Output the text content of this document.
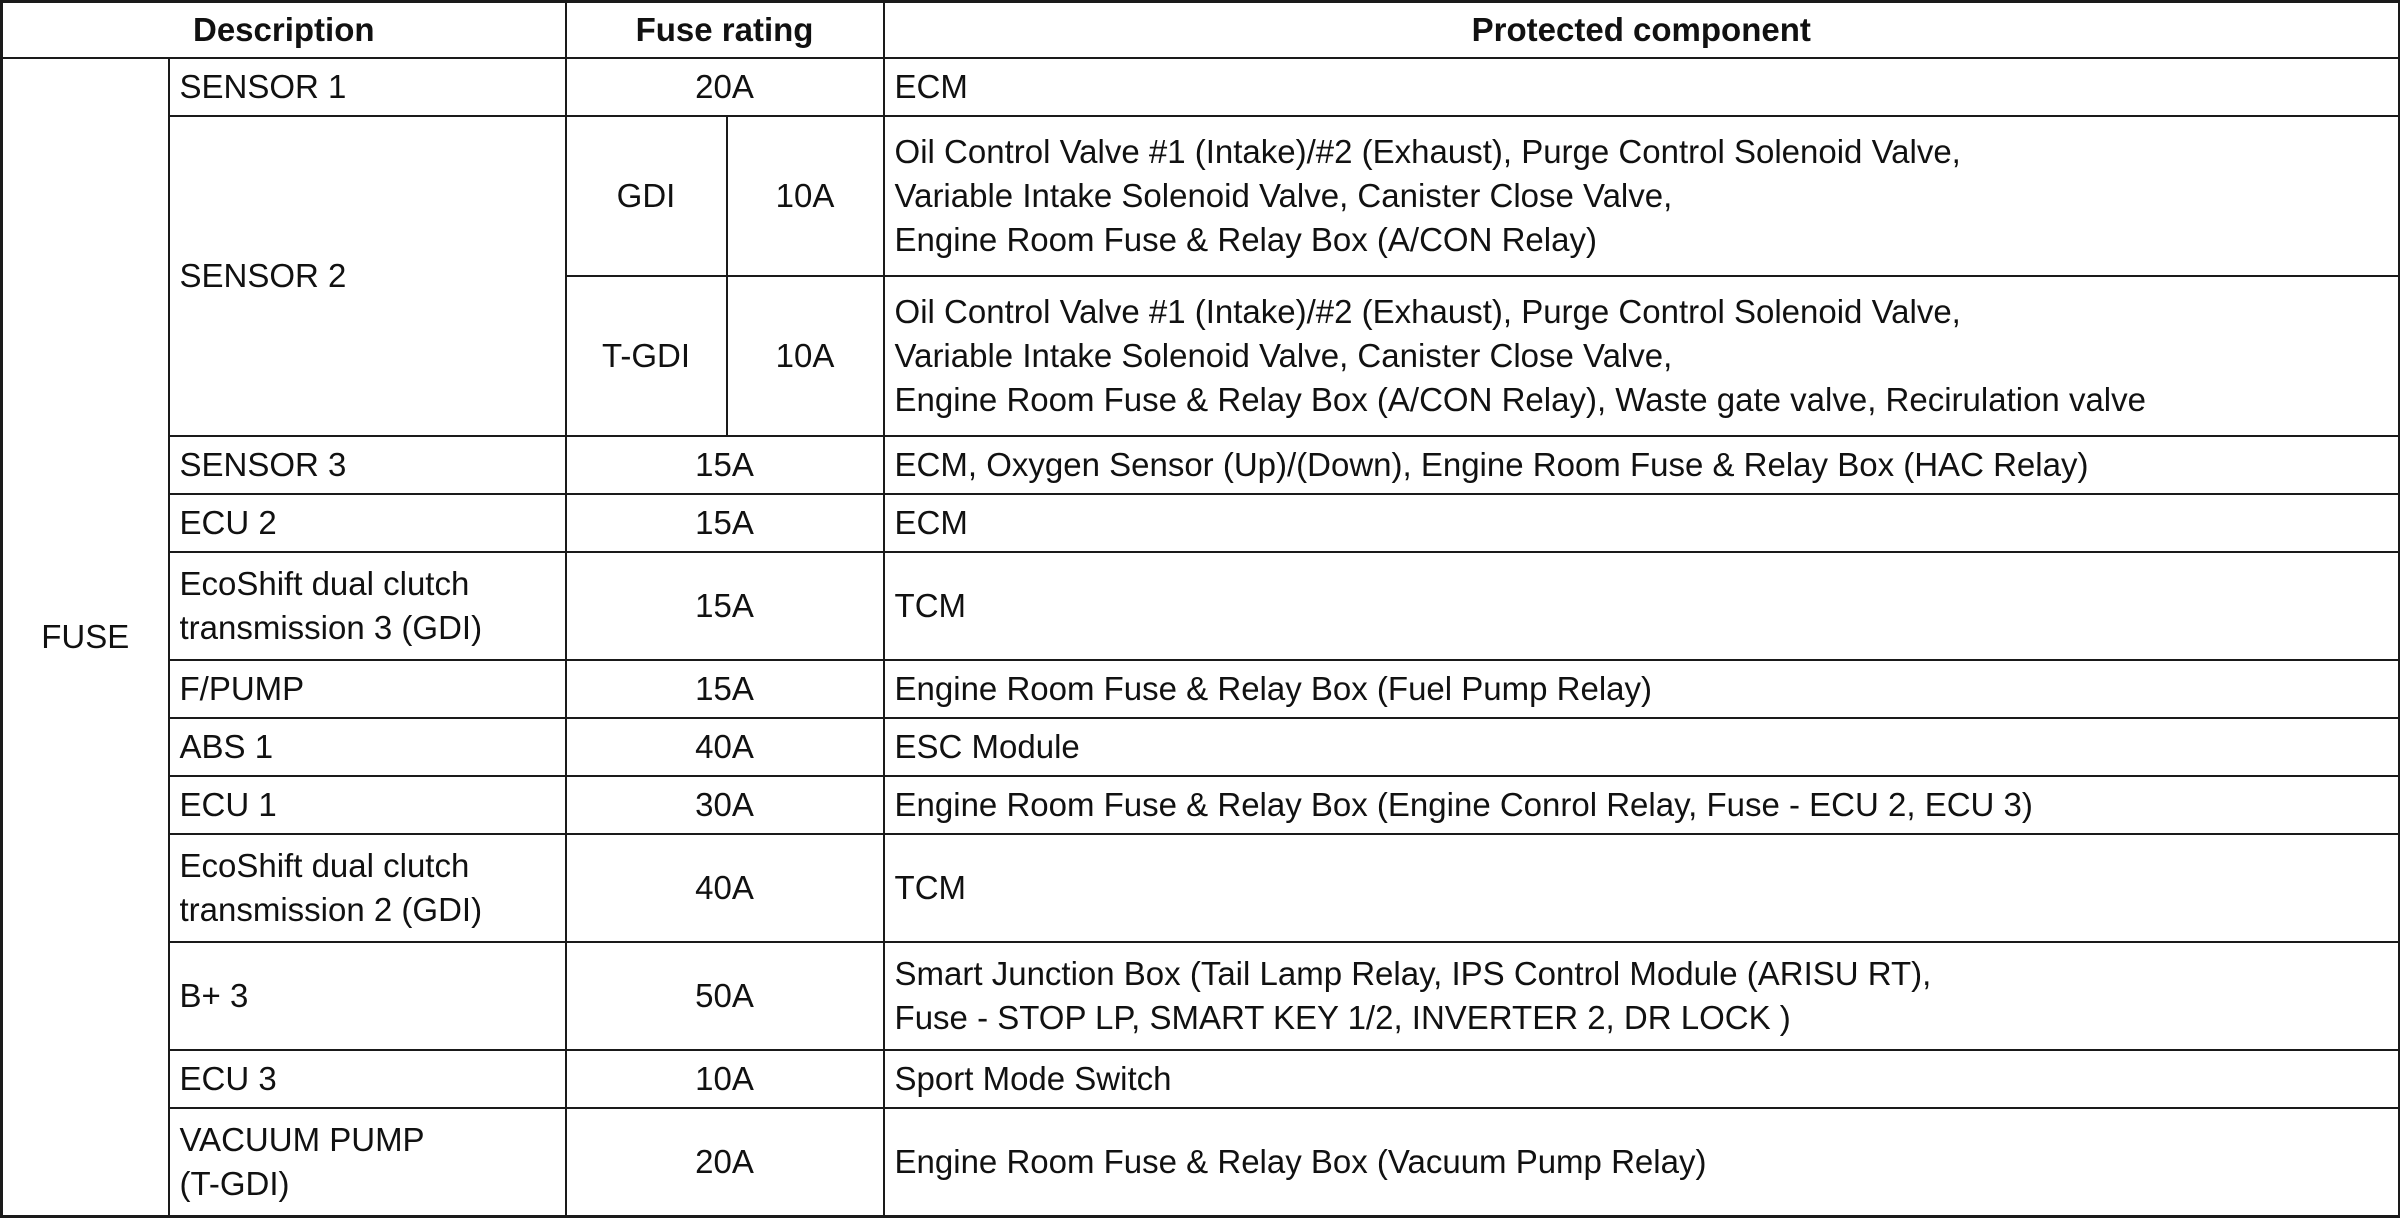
Description		Fuse rating		Protected component
FUSE	SENSOR 1	20A		ECM
	SENSOR 2	GDI	10A	Oil Control Valve #1 (Intake)/#2 (Exhaust), Purge Control Solenoid Valve,
Variable Intake Solenoid Valve, Canister Close Valve,
Engine Room Fuse & Relay Box (A/CON Relay)
		T-GDI	10A	Oil Control Valve #1 (Intake)/#2 (Exhaust), Purge Control Solenoid Valve,
Variable Intake Solenoid Valve, Canister Close Valve,
Engine Room Fuse & Relay Box (A/CON Relay), Waste gate valve, Recirulation valve
	SENSOR 3	15A		ECM, Oxygen Sensor (Up)/(Down), Engine Room Fuse & Relay Box (HAC Relay)
	ECU 2	15A		ECM
	EcoShift dual clutch
transmission 3 (GDI)	15A		TCM
	F/PUMP	15A		Engine Room Fuse & Relay Box (Fuel Pump Relay)
	ABS 1	40A		ESC Module
	ECU 1	30A		Engine Room Fuse & Relay Box (Engine Conrol Relay, Fuse - ECU 2, ECU 3)
	EcoShift dual clutch
transmission 2 (GDI)	40A		TCM
	B+ 3	50A		Smart Junction Box (Tail Lamp Relay, IPS Control Module (ARISU RT),
Fuse - STOP LP, SMART KEY 1/2, INVERTER 2, DR LOCK )
	ECU 3	10A		Sport Mode Switch
	VACUUM PUMP
(T-GDI)	20A		Engine Room Fuse & Relay Box (Vacuum Pump Relay)
